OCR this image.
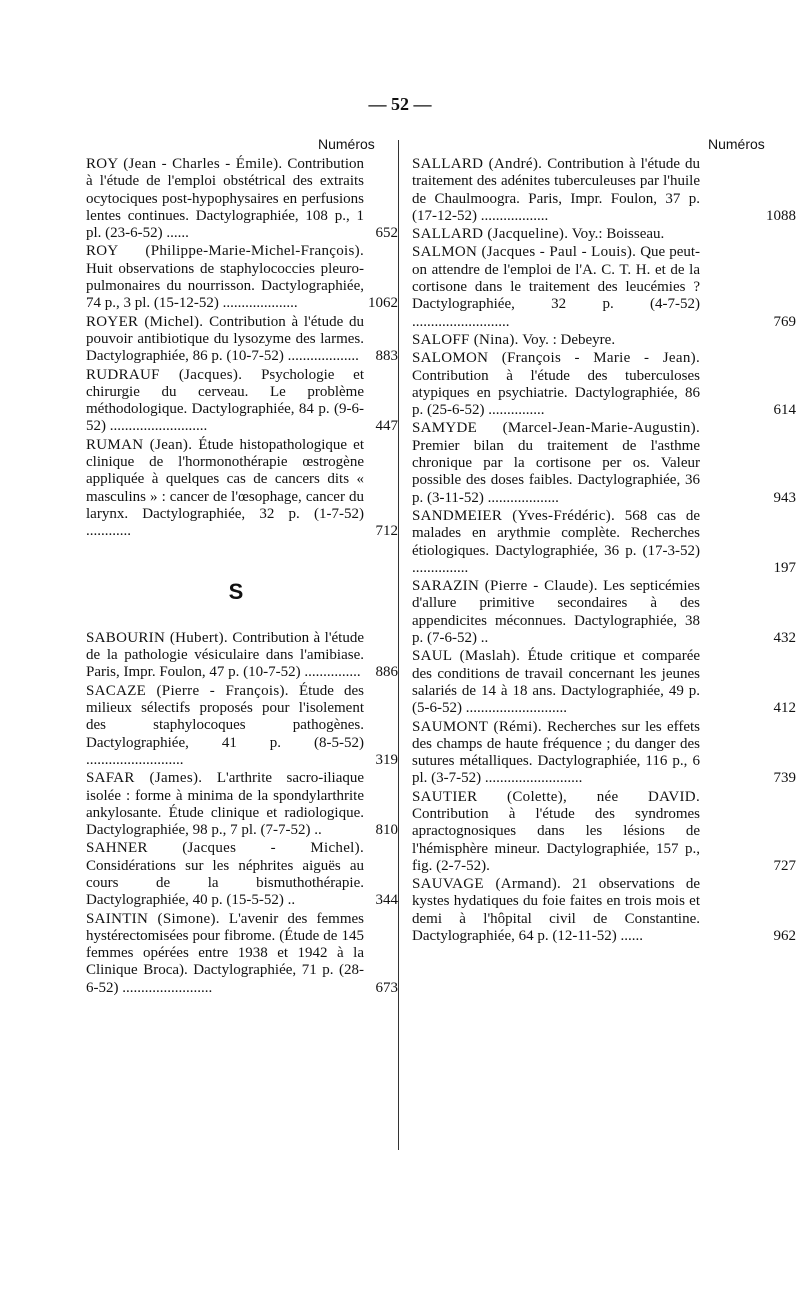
— 52 —
Numéros	Numéros
ROY (Jean - Charles - Émile). Contribution à l'étude de l'emploi obstétrical des extraits ocytociques post-hypophysaires en perfusions lentes continues. Dactylographiée, 108 p., 1 pl. (23-6-52) ......	652
ROY (Philippe-Marie-Michel-François). Huit observations de staphylococcies pleuro-pulmonaires du nourrisson. Dactylographiée, 74 p., 3 pl. (15-12-52) ....................	1062
ROYER (Michel). Contribution à l'étude du pouvoir antibiotique du lysozyme des larmes. Dactylographiée, 86 p. (10-7-52) ...................	883
RUDRAUF (Jacques). Psychologie et chirurgie du cerveau. Le problème méthodologique. Dactylographiée, 84 p. (9-6-52) ..........................	447
RUMAN (Jean). Étude histopathologique et clinique de l'hormonothérapie œstrogène appliquée à quelques cas de cancers dits « masculins » : cancer de l'œsophage, cancer du larynx. Dactylographiée, 32 p. (1-7-52) ............	712
S
SABOURIN (Hubert). Contribution à l'étude de la pathologie vésiculaire dans l'amibiase. Paris, Impr. Foulon, 47 p. (10-7-52) ............... 886
SACAZE (Pierre - François). Étude des milieux sélectifs proposés pour l'isolement des staphylocoques pathogènes. Dactylographiée, 41 p. (8-5-52) ..........................	319
SAFAR (James). L'arthrite sacro-iliaque isolée : forme à minima de la spondylarthrite ankylosante. Étude clinique et radiologique. Dactylographiée, 98 p., 7 pl. (7-7-52) ..	810
SAHNER (Jacques - Michel). Considérations sur les néphrites aiguës au cours de la bismuthothérapie. Dactylographiée, 40 p. (15-5-52) ..	344
SAINTIN (Simone). L'avenir des femmes hystérectomisées pour fibrome. (Étude de 145 femmes opérées entre 1938 et 1942 à la Clinique Broca). Dactylographiée, 71 p. (28-6-52) ........................	673
SALLARD (André). Contribution à l'étude du traitement des adénites tuberculeuses par l'huile de Chaulmoogra. Paris, Impr. Foulon, 37 p. (17-12-52) ..................	1088
SALLARD (Jacqueline). Voy.: Boisseau.
SALMON (Jacques - Paul - Louis). Que peut-on attendre de l'emploi de l'A. C. T. H. et de la cortisone dans le traitement des leucémies ? Dactylographiée, 32 p. (4-7-52) ..........................	769
SALOFF (Nina). Voy. : Debeyre.
SALOMON (François - Marie - Jean). Contribution à l'étude des tuberculoses atypiques en psychiatrie. Dactylographiée, 86 p. (25-6-52) ...............	614
SAMYDE (Marcel-Jean-Marie-Augustin). Premier bilan du traitement de l'asthme chronique par la cortisone per os. Valeur possible des doses faibles. Dactylographiée, 36 p. (3-11-52) ...................	943
SANDMEIER (Yves-Frédéric). 568 cas de malades en arythmie complète. Recherches étiologiques. Dactylographiée, 36 p. (17-3-52) ...............	197
SARAZIN (Pierre - Claude). Les septicémies d'allure primitive secondaires à des appendicites méconnues. Dactylographiée, 38 p. (7-6-52) ..	432
SAUL (Maslah). Étude critique et comparée des conditions de travail concernant les jeunes salariés de 14 à 18 ans. Dactylographiée, 49 p. (5-6-52) ...........................	412
SAUMONT (Rémi). Recherches sur les effets des champs de haute fréquence ; du danger des sutures métalliques. Dactylographiée, 116 p., 6 pl. (3-7-52) ..........................	739
SAUTIER (Colette), née DAVID. Contribution à l'étude des syndromes apractognosiques dans les lésions de l'hémisphère mineur. Dactylographiée, 157 p., fig. (2-7-52).	727
SAUVAGE (Armand). 21 observations de kystes hydatiques du foie faites en trois mois et demi à l'hôpital civil de Constantine. Dactylographiée, 64 p. (12-11-52) ......	962
